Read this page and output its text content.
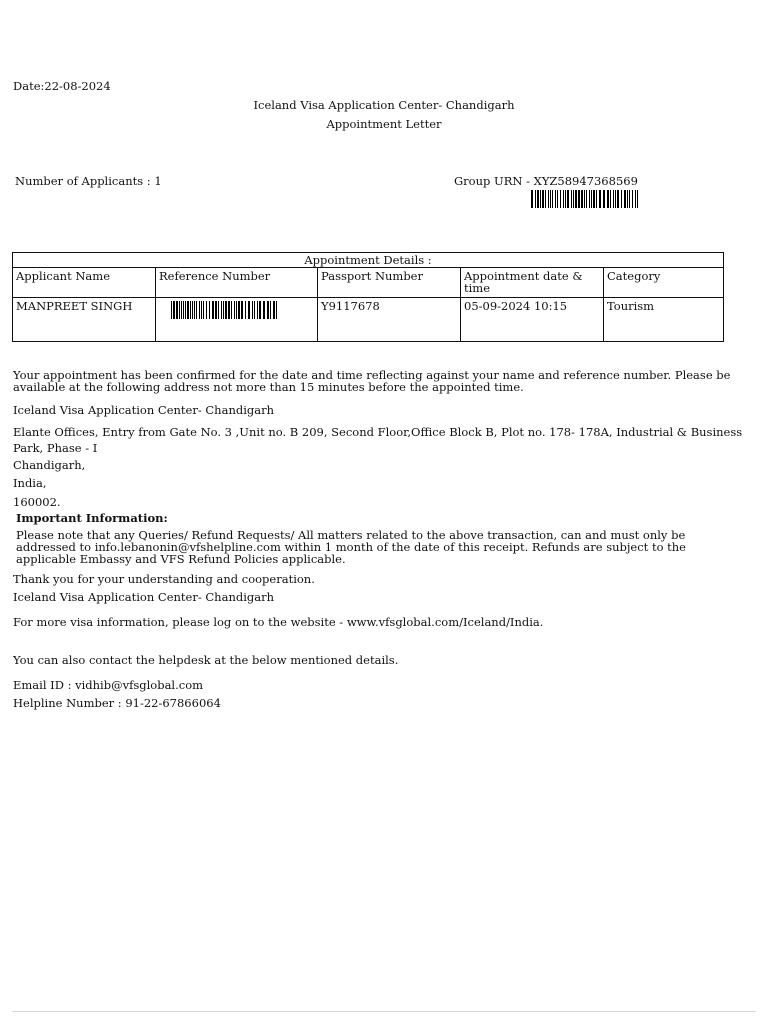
Date:22-08-2024
Iceland Visa Application Center- Chandigarh
Appointment Letter
Number of Applicants : 1	Group URN - XYZ58947368569
Appointment Details :				
Applicant Name	Reference Number	Passport Number	Appointment date & time	Category
MANPREET SINGH		Y9117678	05-09-2024 10:15	Tourism
Your appointment has been confirmed for the date and time reflecting against your name and reference number. Please be available at the following address not more than 15 minutes before the appointed time.
Iceland Visa Application Center- Chandigarh
Elante Offices, Entry from Gate No. 3 ,Unit no. B 209, Second Floor,Office Block B, Plot no. 178- 178A, Industrial & Business Park, Phase - I
Chandigarh,
India,
160002.
Important Information:
Please note that any Queries/ Refund Requests/ All matters related to the above transaction, can and must only be addressed to info.lebanonin@vfshelpline.com within 1 month of the date of this receipt. Refunds are subject to the applicable Embassy and VFS Refund Policies applicable.
Thank you for your understanding and cooperation.
Iceland Visa Application Center- Chandigarh
For more visa information, please log on to the website - www.vfsglobal.com/Iceland/India.
You can also contact the helpdesk at the below mentioned details.
Email ID : vidhib@vfsglobal.com
Helpline Number : 91-22-67866064
